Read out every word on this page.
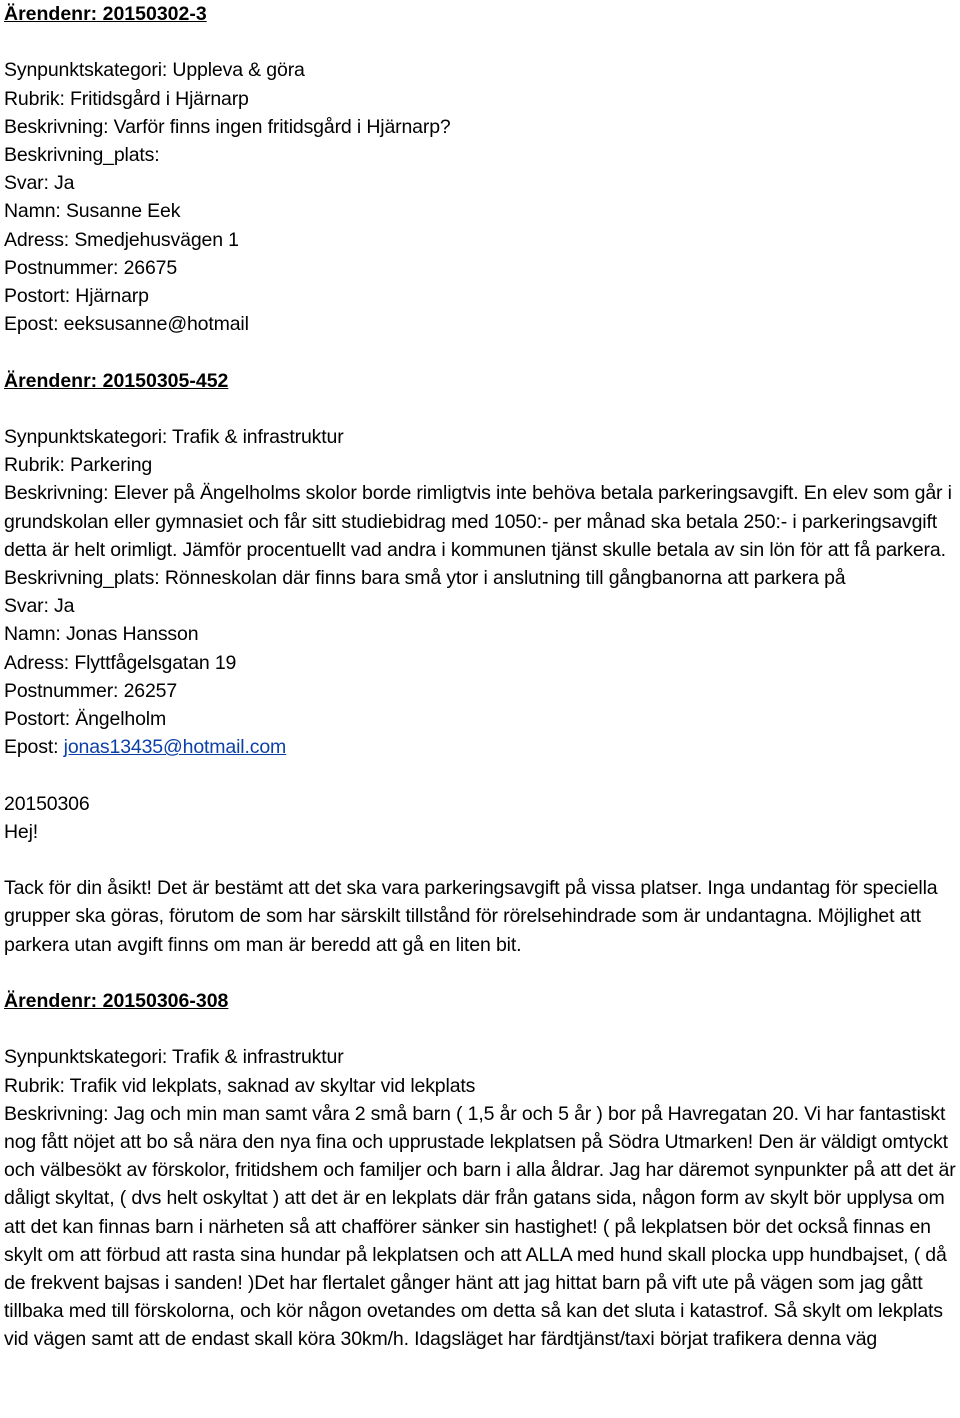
Ärendenr: 20150302-3
Synpunktskategori: Uppleva & göra
Rubrik: Fritidsgård i Hjärnarp
Beskrivning: Varför finns ingen fritidsgård i Hjärnarp?
Beskrivning_plats:
Svar: Ja
Namn: Susanne Eek
Adress: Smedjehusvägen 1
Postnummer: 26675
Postort: Hjärnarp
Epost: eeksusanne@hotmail
Ärendenr: 20150305-452
Synpunktskategori: Trafik & infrastruktur
Rubrik: Parkering

Beskrivning: Elever på Ängelholms skolor borde rimligtvis inte behöva betala parkeringsavgift. En elev som går i grundskolan eller gymnasiet och får sitt studiebidrag med 1050:- per månad ska betala 250:- i parkeringsavgift detta är helt orimligt. Jämför procentuellt vad andra i kommunen tjänst skulle betala av sin lön för att få parkera.

Beskrivning_plats: Rönneskolan där finns bara små ytor i anslutning till gångbanorna att parkera på
Svar: Ja
Namn: Jonas Hansson
Adress: Flyttfågelsgatan 19
Postnummer: 26257
Postort: Ängelholm
Epost: jonas13435@hotmail.com
20150306
Hej!

Tack för din åsikt! Det är bestämt att det ska vara parkeringsavgift på vissa platser. Inga undantag för speciella grupper ska göras, förutom de som har särskilt tillstånd för rörelsehindrade som är undantagna. Möjlighet att parkera utan avgift finns om man är beredd att gå en liten bit.

Ärendenr: 20150306-308
Synpunktskategori: Trafik & infrastruktur
Rubrik: Trafik vid lekplats, saknad av skyltar vid lekplats

Beskrivning: Jag och min man samt våra 2 små barn ( 1,5 år och 5 år ) bor på Havregatan 20. Vi har fantastiskt nog fått nöjet att bo så nära den nya fina och upprustade lekplatsen på Södra Utmarken! Den är väldigt omtyckt och välbesökt av förskolor, fritidshem och familjer och barn i alla åldrar. Jag har däremot synpunkter på att det är dåligt skyltat, ( dvs helt oskyltat ) att det är en lekplats där från gatans sida, någon form av skylt bör upplysa om att det kan finnas barn i närheten så att chafförer sänker sin hastighet! ( på lekplatsen bör det också finnas en skylt om att förbud att rasta sina hundar på lekplatsen och att ALLA med hund skall plocka upp hundbajset, ( då de frekvent bajsas i sanden! )Det har flertalet gånger hänt att jag hittat barn på vift ute på vägen som jag gått tillbaka med till förskolorna, och kör någon ovetandes om detta så kan det sluta i katastrof. Så skylt om lekplats vid vägen samt att de endast skall köra 30km/h. Idagsläget har färdtjänst/taxi börjat trafikera denna väg
